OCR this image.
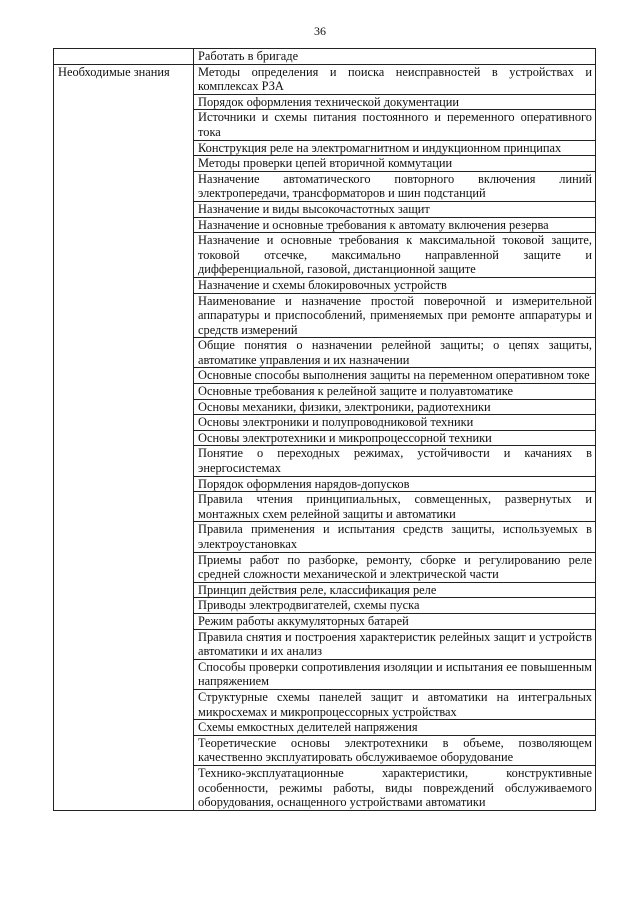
36
	Работать в бригаде
Необходимые знания	Методы определения и поиска неисправностей в устройствах и комплексах РЗА
	Порядок оформления технической документации
	Источники и схемы питания постоянного и переменного оперативного тока
	Конструкция реле на электромагнитном и индукционном принципах
	Методы проверки цепей вторичной коммутации
	Назначение автоматического повторного включения линий электропередачи, трансформаторов и шин подстанций
	Назначение и виды высокочастотных защит
	Назначение и основные требования к автомату включения резерва
	Назначение и основные требования к максимальной токовой защите, токовой отсечке, максимально направленной защите и дифференциальной, газовой, дистанционной защите
	Назначение и схемы блокировочных устройств
	Наименование и назначение простой поверочной и измерительной аппаратуры и приспособлений, применяемых при ремонте аппаратуры и средств измерений
	Общие понятия о назначении релейной защиты; о цепях защиты, автоматике управления и их назначении
	Основные способы выполнения защиты на переменном оперативном токе
	Основные требования к релейной защите и полуавтоматике
	Основы механики, физики, электроники, радиотехники
	Основы электроники и полупроводниковой техники
	Основы электротехники и микропроцессорной техники
	Понятие о переходных режимах, устойчивости и качаниях в энергосистемах
	Порядок оформления нарядов-допусков
	Правила чтения принципиальных, совмещенных, развернутых и монтажных схем релейной защиты и автоматики
	Правила применения и испытания средств защиты, используемых в электроустановках
	Приемы работ по разборке, ремонту, сборке и регулированию реле средней сложности механической и электрической части
	Принцип действия реле, классификация реле
	Приводы электродвигателей, схемы пуска
	Режим работы аккумуляторных батарей
	Правила снятия и построения характеристик релейных защит и устройств автоматики и их анализ
	Способы проверки сопротивления изоляции и испытания ее повышенным напряжением
	Структурные схемы панелей защит и автоматики на интегральных микросхемах и микропроцессорных устройствах
	Схемы емкостных делителей напряжения
	Теоретические основы электротехники в объеме, позволяющем качественно эксплуатировать обслуживаемое оборудование
	Технико-эксплуатационные характеристики, конструктивные особенности, режимы работы, виды повреждений обслуживаемого оборудования, оснащенного устройствами автоматики
